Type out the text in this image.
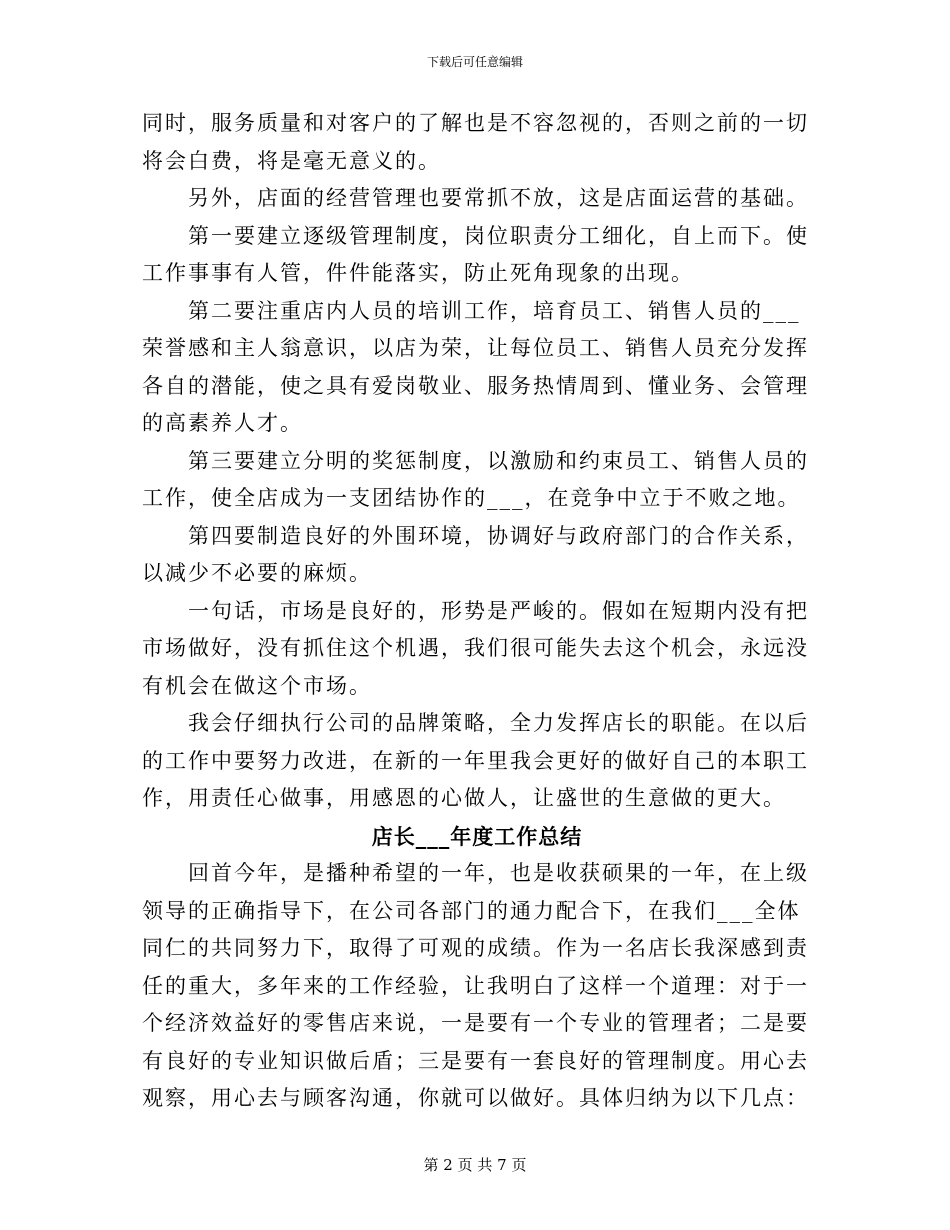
下载后可任意编辑

同时，服务质量和对客户的了解也是不容忽视的，否则之前的一切将会白费，将是毫无意义的。

另外，店面的经营管理也要常抓不放，这是店面运营的基础。

第一要建立逐级管理制度，岗位职责分工细化，自上而下。使工作事事有人管，件件能落实，防止死角现象的出现。

第二要注重店内人员的培训工作，培育员工、销售人员的___荣誉感和主人翁意识，以店为荣，让每位员工、销售人员充分发挥各自的潜能，使之具有爱岗敬业、服务热情周到、懂业务、会管理的高素养人才。

第三要建立分明的奖惩制度，以激励和约束员工、销售人员的工作，使全店成为一支团结协作的___，在竞争中立于不败之地。

第四要制造良好的外围环境，协调好与政府部门的合作关系，以减少不必要的麻烦。

一句话，市场是良好的，形势是严峻的。假如在短期内没有把市场做好，没有抓住这个机遇，我们很可能失去这个机会，永远没有机会在做这个市场。

我会仔细执行公司的品牌策略，全力发挥店长的职能。在以后的工作中要努力改进，在新的一年里我会更好的做好自己的本职工作，用责任心做事，用感恩的心做人，让盛世的生意做的更大。

店长___年度工作总结

回首今年，是播种希望的一年，也是收获硕果的一年，在上级领导的正确指导下，在公司各部门的通力配合下，在我们___全体同仁的共同努力下，取得了可观的成绩。作为一名店长我深感到责任的重大，多年来的工作经验，让我明白了这样一个道理：对于一个经济效益好的零售店来说，一是要有一个专业的管理者；二是要有良好的专业知识做后盾；三是要有一套良好的管理制度。用心去观察，用心去与顾客沟通，你就可以做好。具体归纳为以下几点：

第 2 页 共 7 页
